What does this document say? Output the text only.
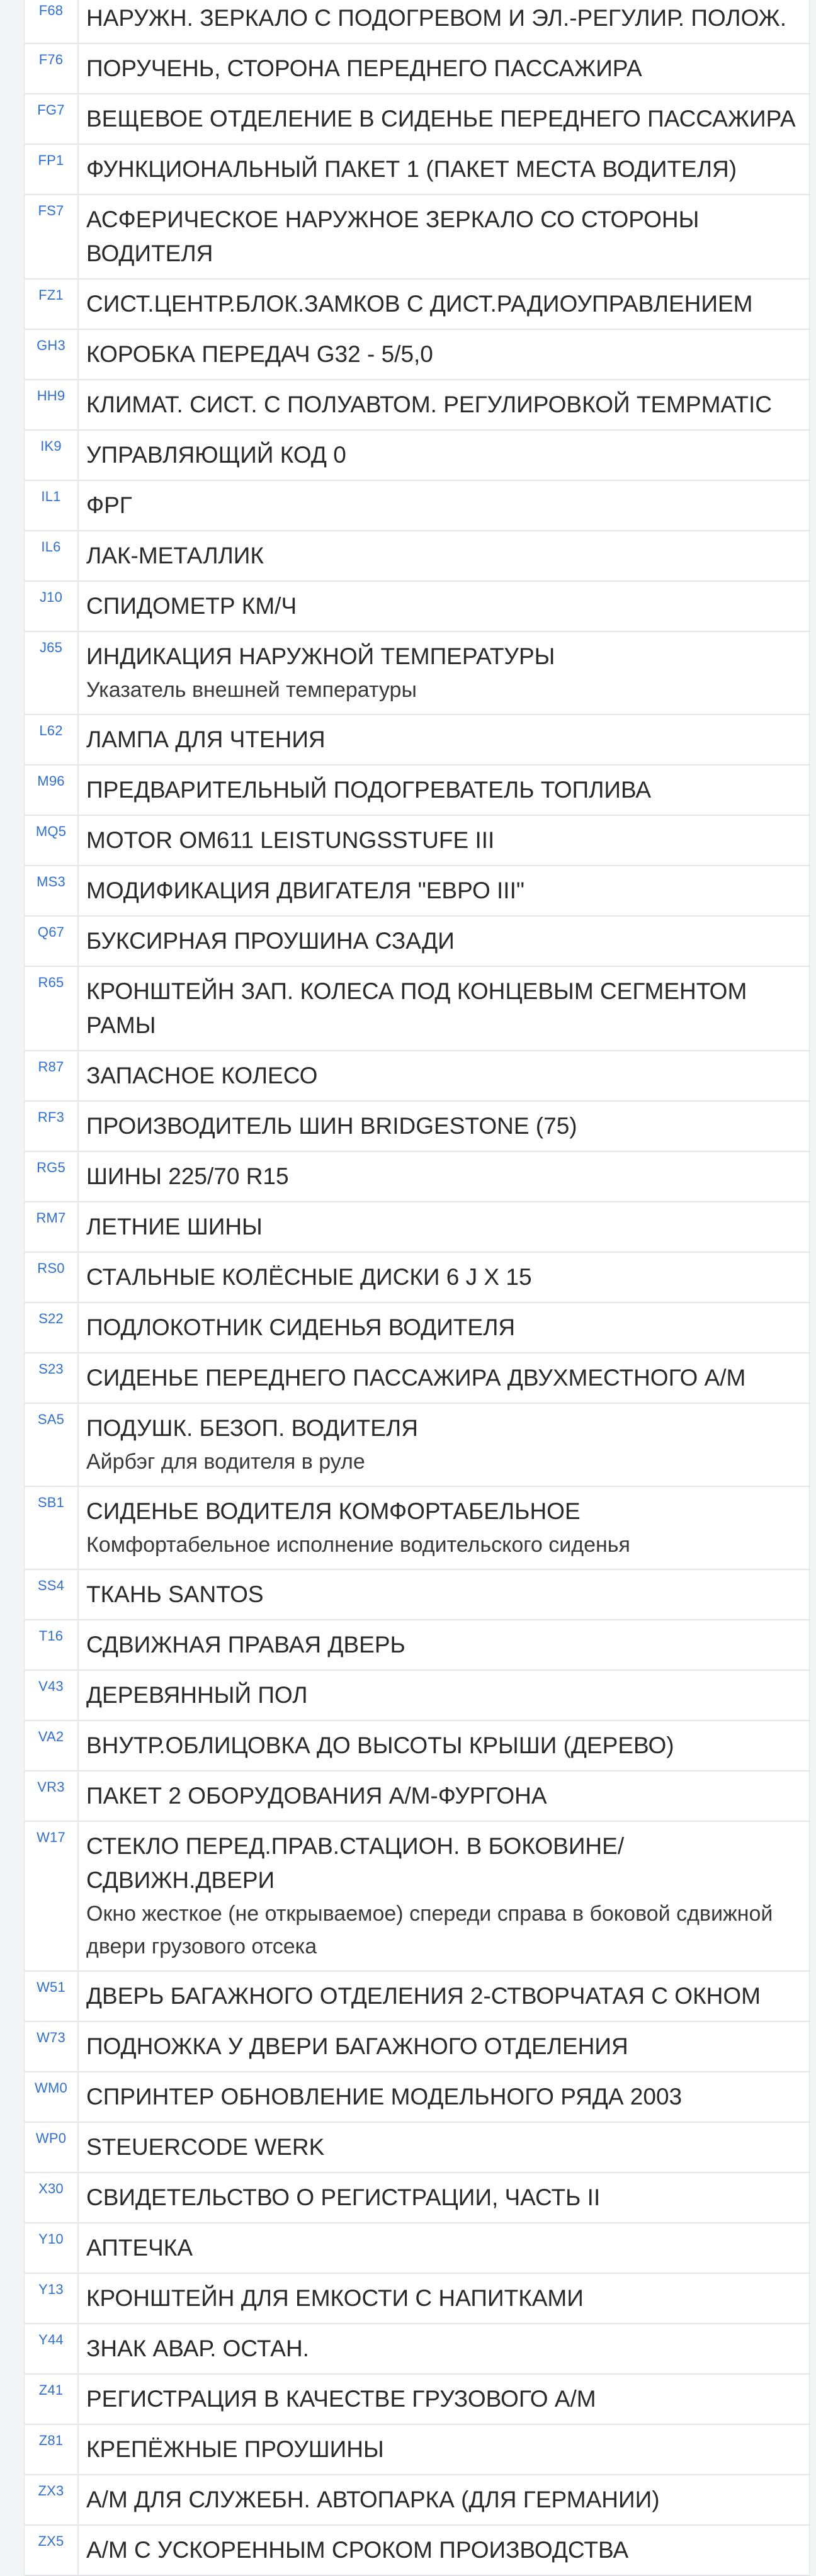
F68 НАРУЖН. ЗЕРКАЛО С ПОДОГРЕВОМ И ЭЛ.-РЕГУЛИР. ПОЛОЖ.
F76 ПОРУЧЕНЬ, СТОРОНА ПЕРЕДНЕГО ПАССАЖИРА
FG7 ВЕЩЕВОЕ ОТДЕЛЕНИЕ В СИДЕНЬЕ ПЕРЕДНЕГО ПАССАЖИРА
FP1 ФУНКЦИОНАЛЬНЫЙ ПАКЕТ 1 (ПАКЕТ МЕСТА ВОДИТЕЛЯ)
FS7 АСФЕРИЧЕСКОЕ НАРУЖНОЕ ЗЕРКАЛО СО СТОРОНЫ ВОДИТЕЛЯ
FZ1 СИСТ.ЦЕНТР.БЛОК.ЗАМКОВ С ДИСТ.РАДИОУПРАВЛЕНИЕМ
GH3 КОРОБКА ПЕРЕДАЧ G32 - 5/5,0
HH9 КЛИМАТ. СИСТ. С ПОЛУАВТОМ. РЕГУЛИРОВКОЙ TEMPMATIC
IK9	УПРАВЛЯЮЩИЙ КОД 0
IL1	ФРГ
IL6	ЛАК-МЕТАЛЛИК
J10	СПИДОМЕТР КМ/Ч
J65	ИНДИКАЦИЯ НАРУЖНОЙ ТЕМПЕРАТУРЫ
Указатель внешней температуры
L62	ЛАМПА ДЛЯ ЧТЕНИЯ
M96 ПРЕДВАРИТЕЛЬНЫЙ ПОДОГРЕВАТЕЛЬ ТОПЛИВА
MQ5 MOTOR OM611 LEISTUNGSSTUFE III
MS3 МОДИФИКАЦИЯ ДВИГАТЕЛЯ "ЕВРО III"
Q67 БУКСИРНАЯ ПРОУШИНА СЗАДИ
R65 КРОНШТЕЙН ЗАП. КОЛЕСА ПОД КОНЦЕВЫМ СЕГМЕНТОМ РАМЫ
R87 ЗАПАСНОЕ КОЛЕСО
RF3 ПРОИЗВОДИТЕЛЬ ШИН BRIDGESTONE (75)
RG5 ШИНЫ 225/70 R15
RM7 ЛЕТНИЕ ШИНЫ
RS0 СТАЛЬНЫЕ КОЛЁСНЫЕ ДИСКИ 6 J X 15
S22 ПОДЛОКОТНИК СИДЕНЬЯ ВОДИТЕЛЯ
S23 СИДЕНЬЕ ПЕРЕДНЕГО ПАССАЖИРА ДВУХМЕСТНОГО А/М
SA5 ПОДУШК. БЕЗОП. ВОДИТЕЛЯ
Айрбэг для водителя в руле
SB1 СИДЕНЬЕ ВОДИТЕЛЯ КОМФОРТАБЕЛЬНОЕ
Комфортабельное исполнение водительского сиденья
SS4 ТКАНЬ SANTOS
T16 СДВИЖНАЯ ПРАВАЯ ДВЕРЬ
V43 ДЕРЕВЯННЫЙ ПОЛ
VA2 ВНУТР.ОБЛИЦОВКА ДО ВЫСОТЫ КРЫШИ (ДЕРЕВО)
VR3 ПАКЕТ 2 ОБОРУДОВАНИЯ А/М-ФУРГОНА
W17 СТЕКЛО ПЕРЕД.ПРАВ.СТАЦИОН. В БОКОВИНЕ/ СДВИЖН.ДВЕРИ
Окно жесткое (не открываемое) спереди справа в боковой сдвижной двери грузового отсека
W51 ДВЕРЬ БАГАЖНОГО ОТДЕЛЕНИЯ 2-СТВОРЧАТАЯ С ОКНОМ
W73 ПОДНОЖКА У ДВЕРИ БАГАЖНОГО ОТДЕЛЕНИЯ
WM0 СПРИНТЕР ОБНОВЛЕНИЕ МОДЕЛЬНОГО РЯДА 2003
WP0 STEUERCODE WERK
X30 СВИДЕТЕЛЬСТВО О РЕГИСТРАЦИИ, ЧАСТЬ II
Y10 АПТЕЧКА
Y13 КРОНШТЕЙН ДЛЯ ЕМКОСТИ С НАПИТКАМИ
Y44 ЗНАК АВАР. ОСТАН.
Z41 РЕГИСТРАЦИЯ В КАЧЕСТВЕ ГРУЗОВОГО А/М
Z81 КРЕПЁЖНЫЕ ПРОУШИНЫ
ZX3 А/М ДЛЯ СЛУЖЕБН. АВТОПАРКА (ДЛЯ ГЕРМАНИИ)
ZX5 А/М С УСКОРЕННЫМ СРОКОМ ПРОИЗВОДСТВА
